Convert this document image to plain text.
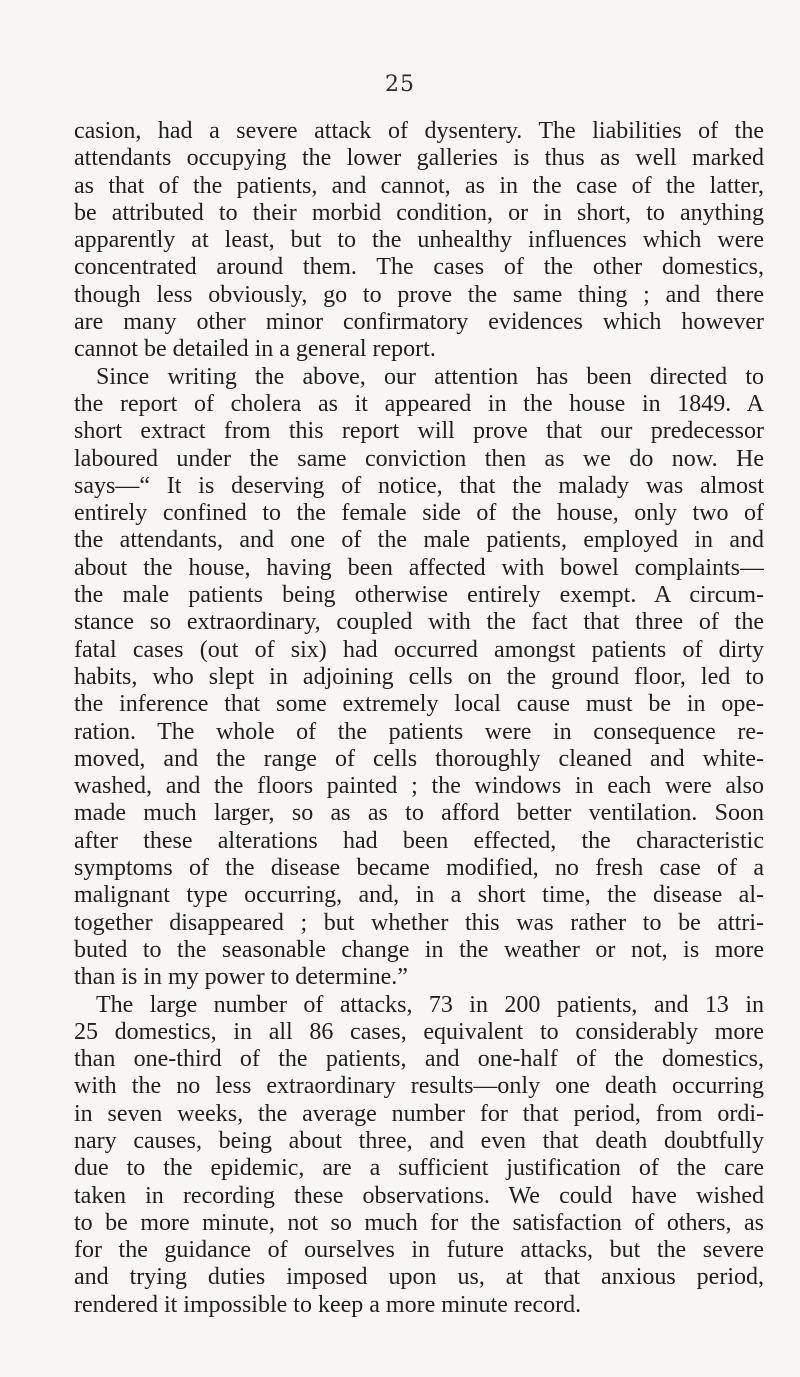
25
casion, had a severe attack of dysentery. The liabilities of the
attendants occupying the lower galleries is thus as well marked
as that of the patients, and cannot, as in the case of the latter,
be attributed to their morbid condition, or in short, to anything
apparently at least, but to the unhealthy influences which were
concentrated around them. The cases of the other domestics,
though less obviously, go to prove the same thing ; and there
are many other minor confirmatory evidences which however
cannot be detailed in a general report.
Since writing the above, our attention has been directed to
the report of cholera as it appeared in the house in 1849. A
short extract from this report will prove that our predecessor
laboured under the same conviction then as we do now. He
says—“ It is deserving of notice, that the malady was almost
entirely confined to the female side of the house, only two of
the attendants, and one of the male patients, employed in and
about the house, having been affected with bowel complaints—
the male patients being otherwise entirely exempt. A circum-
stance so extraordinary, coupled with the fact that three of the
fatal cases (out of six) had occurred amongst patients of dirty
habits, who slept in adjoining cells on the ground floor, led to
the inference that some extremely local cause must be in ope-
ration. The whole of the patients were in consequence re-
moved, and the range of cells thoroughly cleaned and white-
washed, and the floors painted ; the windows in each were also
made much larger, so as as to afford better ventilation. Soon
after these alterations had been effected, the characteristic
symptoms of the disease became modified, no fresh case of a
malignant type occurring, and, in a short time, the disease al-
together disappeared ; but whether this was rather to be attri-
buted to the seasonable change in the weather or not, is more
than is in my power to determine.”
The large number of attacks, 73 in 200 patients, and 13 in
25 domestics, in all 86 cases, equivalent to considerably more
than one-third of the patients, and one-half of the domestics,
with the no less extraordinary results—only one death occurring
in seven weeks, the average number for that period, from ordi-
nary causes, being about three, and even that death doubtfully
due to the epidemic, are a sufficient justification of the care
taken in recording these observations. We could have wished
to be more minute, not so much for the satisfaction of others, as
for the guidance of ourselves in future attacks, but the severe
and trying duties imposed upon us, at that anxious period,
rendered it impossible to keep a more minute record.
